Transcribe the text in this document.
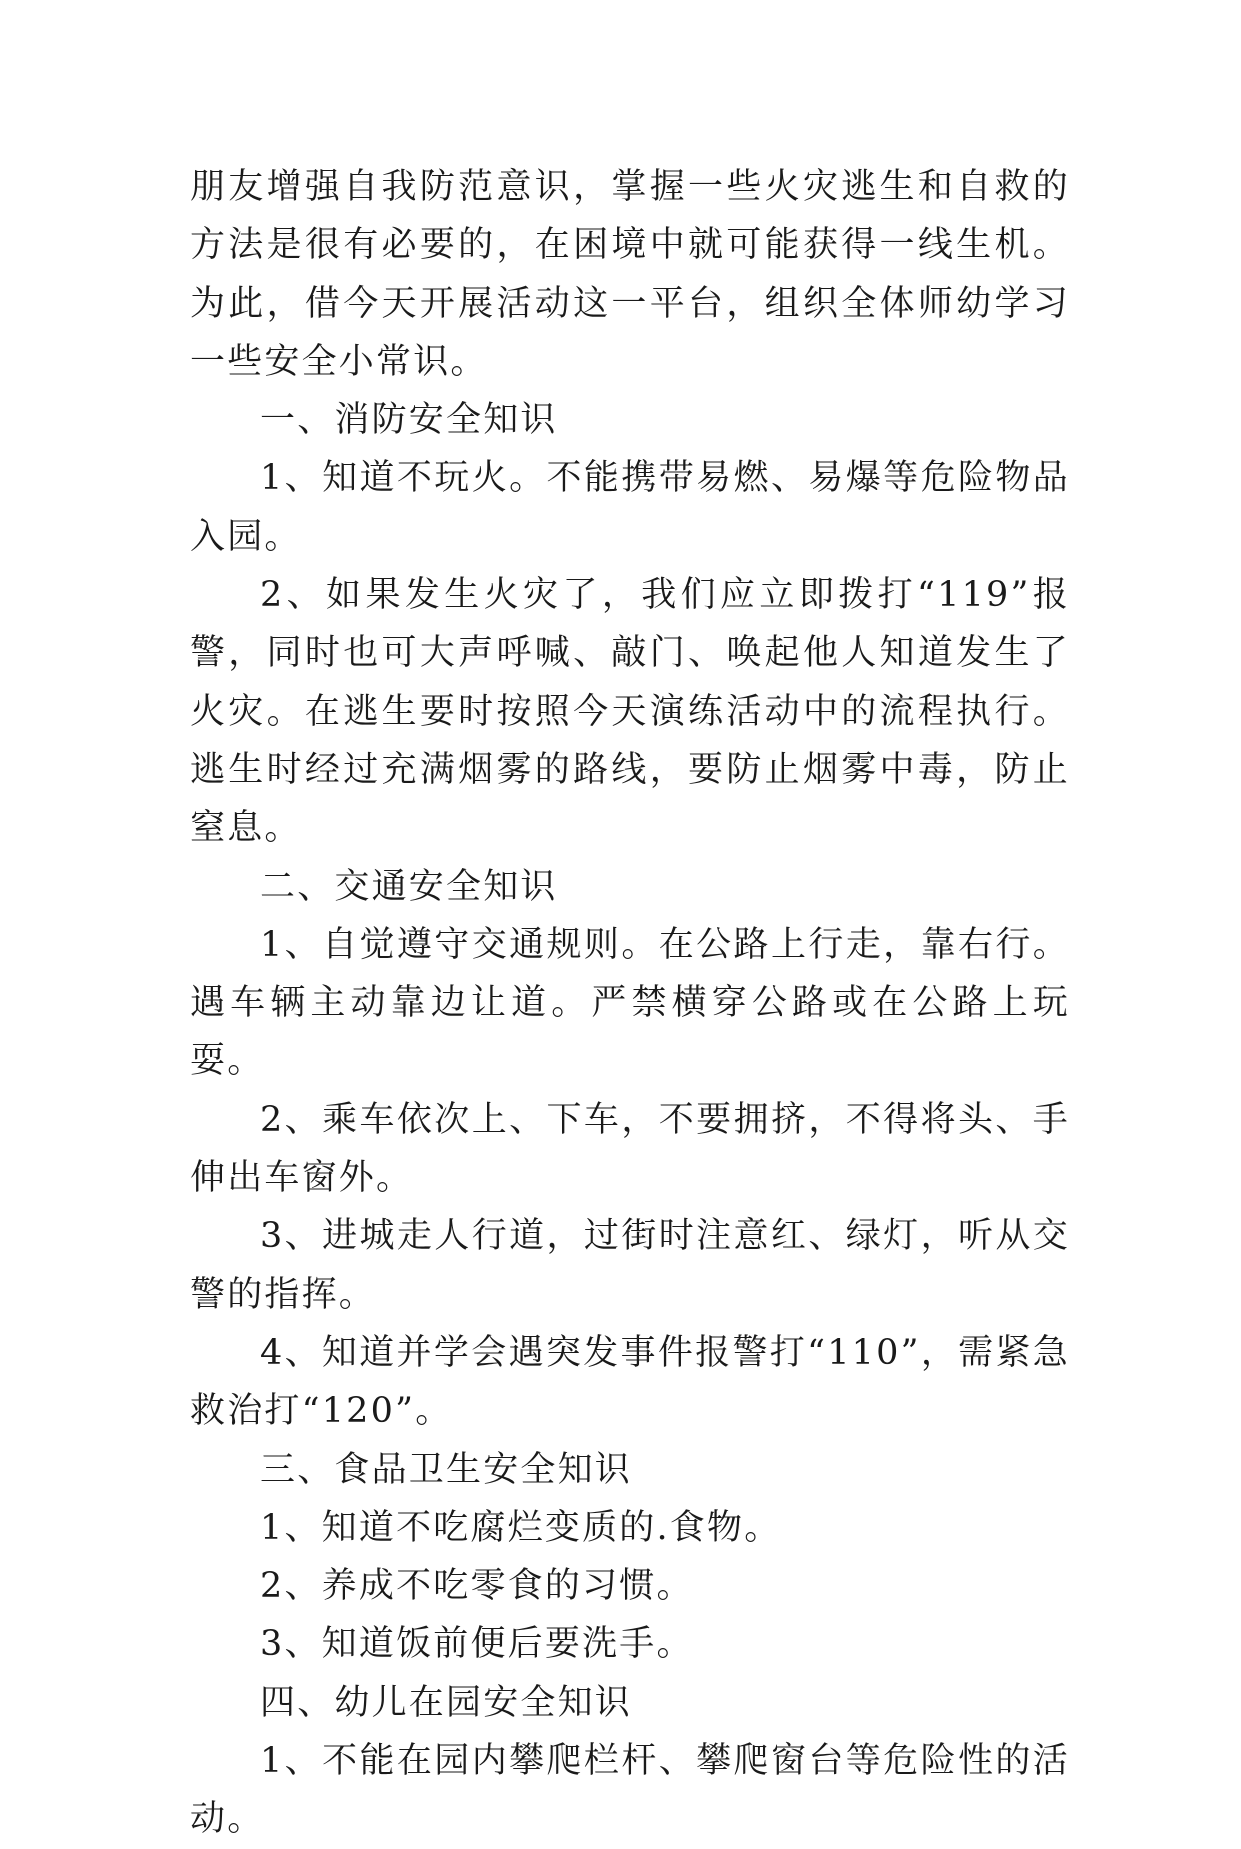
朋友增强自我防范意识，掌握一些火灾逃生和自救的方法是很有必要的，在困境中就可能获得一线生机。为此，借今天开展活动这一平台，组织全体师幼学习一些安全小常识。

一、消防安全知识

1、知道不玩火。不能携带易燃、易爆等危险物品入园。

2、如果发生火灾了，我们应立即拨打“119”报警，同时也可大声呼喊、敲门、唤起他人知道发生了火灾。在逃生要时按照今天演练活动中的流程执行。逃生时经过充满烟雾的路线，要防止烟雾中毒，防止窒息。

二、交通安全知识

1、自觉遵守交通规则。在公路上行走，靠右行。遇车辆主动靠边让道。严禁横穿公路或在公路上玩耍。

2、乘车依次上、下车，不要拥挤，不得将头、手伸出车窗外。

3、进城走人行道，过街时注意红、绿灯，听从交警的指挥。

4、知道并学会遇突发事件报警打“110”，需紧急救治打“120”。

三、食品卫生安全知识

1、知道不吃腐烂变质的.食物。

2、养成不吃零食的习惯。

3、知道饭前便后要洗手。

四、幼儿在园安全知识

1、不能在园内攀爬栏杆、攀爬窗台等危险性的活动。
